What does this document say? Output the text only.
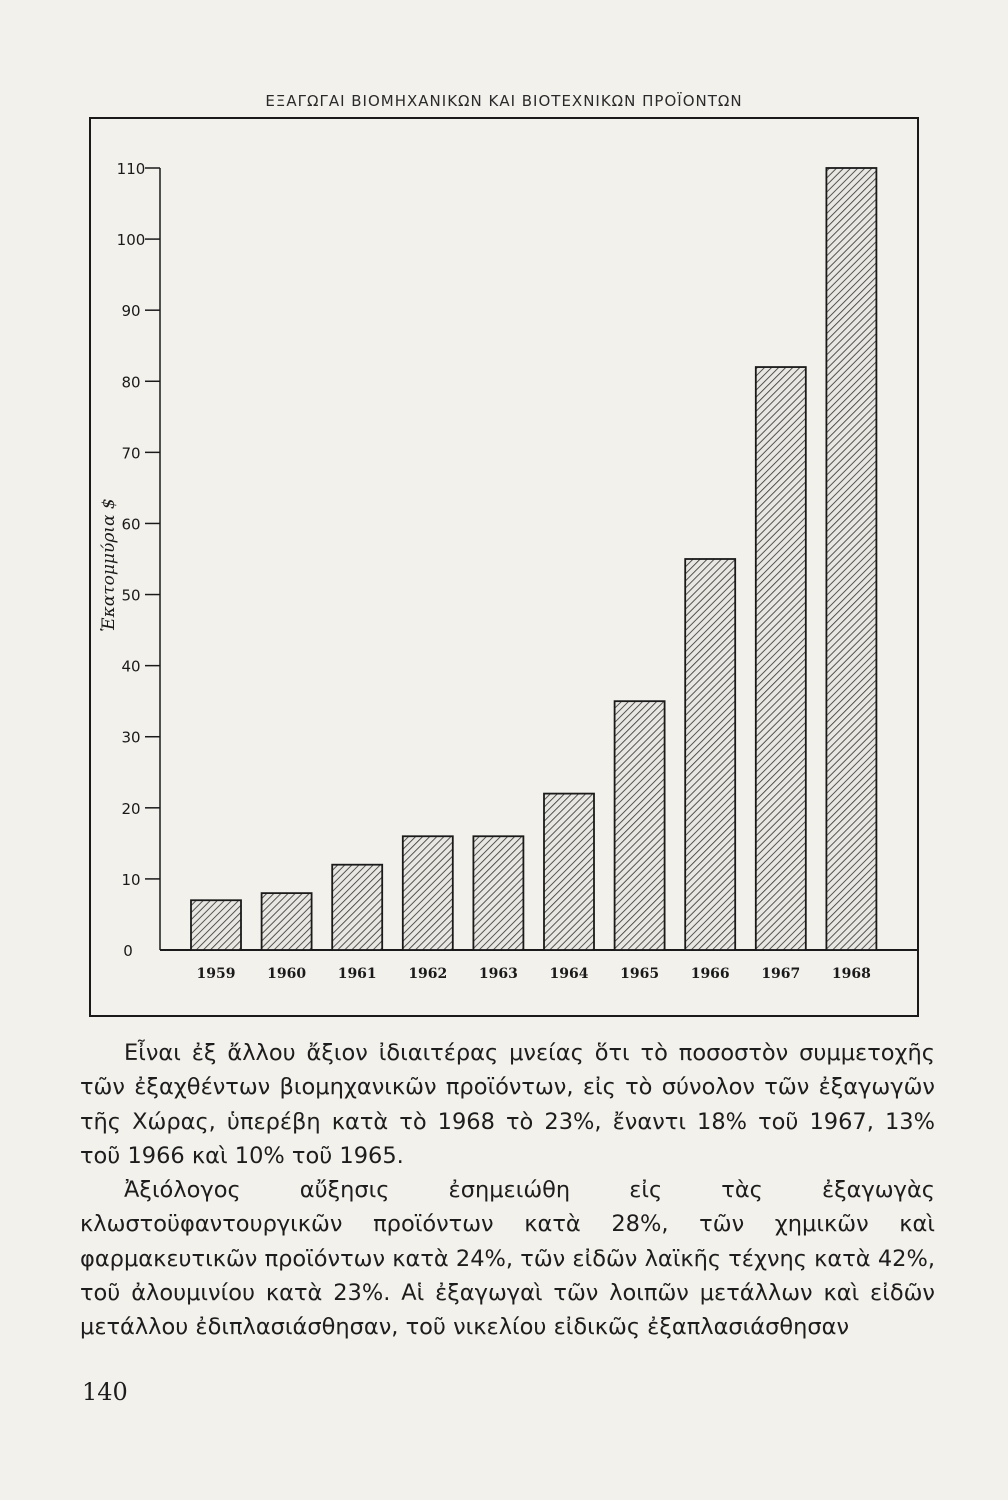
ΕΞΑΓΩΓΑΙ ΒΙΟΜΗΧΑΝΙΚΩΝ ΚΑΙ ΒΙΟΤΕΧΝΙΚΩΝ ΠΡΟΪΟΝΤΩΝ
0
10
20
30
40
50
60
70
80
90
100
110
1959 1960 1961 1962 1963 1964 1965 1966 1967 1968
Ἑκατομμύρια $

Εἶναι ἐξ ἄλλου ἄξιον ἰδιαιτέρας μνείας ὅτι τὸ ποσοστὸν συμμετοχῆς τῶν ἐξαχθέντων βιομηχανικῶν προϊόντων, εἰς τὸ σύνολον τῶν ἐξαγωγῶν τῆς Χώρας, ὑπερέβη κατὰ τὸ 1968 τὸ 23%, ἔναντι 18% τοῦ 1967, 13% τοῦ 1966 καὶ 10% τοῦ 1965.

Ἀξιόλογος αὔξησις ἐσημειώθη εἰς τὰς ἐξαγωγὰς κλωστοϋφαντουργικῶν προϊόντων κατὰ 28%, τῶν χημικῶν καὶ φαρμακευτικῶν προϊόντων κατὰ 24%, τῶν εἰδῶν λαϊκῆς τέχνης κατὰ 42%, τοῦ ἀλουμινίου κατὰ 23%. Αἱ ἐξαγωγαὶ τῶν λοιπῶν μετάλλων καὶ εἰδῶν μετάλλου ἐδιπλασιάσθησαν, τοῦ νικελίου εἰδικῶς ἐξαπλασιάσθησαν

140
